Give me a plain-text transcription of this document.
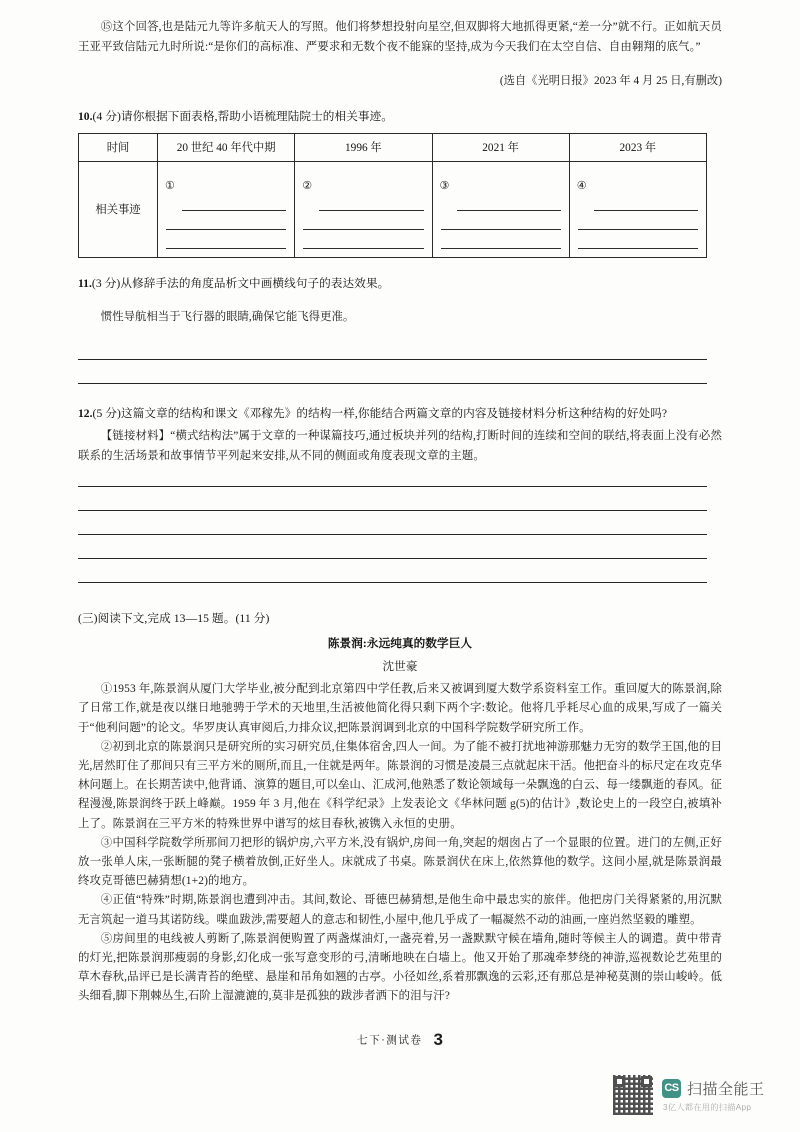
⑮这个回答,也是陆元九等许多航天人的写照。他们将梦想投射向星空,但双脚将大地抓得更紧,“差一分”就不行。正如航天员王亚平致信陆元九时所说:“是你们的高标准、严要求和无数个夜不能寐的坚持,成为今天我们在太空自信、自由翱翔的底气。”

(选自《光明日报》2023 年 4 月 25 日,有删改)

10.(4 分)请你根据下面表格,帮助小语梳理陆院士的相关事迹。

时间	20 世纪 40 年代中期	1996 年	2021 年	2023 年
相关事迹	①	②	③	④

11.(3 分)从修辞手法的角度品析文中画横线句子的表达效果。

惯性导航相当于飞行器的眼睛,确保它能飞得更准。

12.(5 分)这篇文章的结构和课文《邓稼先》的结构一样,你能结合两篇文章的内容及链接材料分析这种结构的好处吗?

【链接材料】“横式结构法”属于文章的一种谋篇技巧,通过板块并列的结构,打断时间的连续和空间的联结,将表面上没有必然联系的生活场景和故事情节平列起来安排,从不同的侧面或角度表现文章的主题。

(三)阅读下文,完成 13—15 题。(11 分)

陈景润:永远纯真的数学巨人

沈世豪

①1953 年,陈景润从厦门大学毕业,被分配到北京第四中学任教,后来又被调到厦大数学系资料室工作。重回厦大的陈景润,除了日常工作,就是夜以继日地驰骋于学术的天地里,生活被他简化得只剩下两个字:数论。他将几乎耗尽心血的成果,写成了一篇关于“他利问题”的论文。华罗庚认真审阅后,力排众议,把陈景润调到北京的中国科学院数学研究所工作。

②初到北京的陈景润只是研究所的实习研究员,住集体宿舍,四人一间。为了能不被打扰地神游那魅力无穷的数学王国,他的目光,居然盯住了那间只有三平方米的厕所,而且,一住就是两年。陈景润的习惯是凌晨三点就起床干活。他把奋斗的标尺定在攻克华林问题上。在长期苦读中,他背诵、演算的题目,可以垒山、汇成河,他熟悉了数论领域每一朵飘逸的白云、每一缕飘逝的春风。征程漫漫,陈景润终于跃上峰巅。1959 年 3 月,他在《科学纪录》上发表论文《华林问题 g(5)的估计》,数论史上的一段空白,被填补上了。陈景润在三平方米的特殊世界中谱写的炫目春秋,被镌入永恒的史册。

③中国科学院数学所那间刀把形的锅炉房,六平方米,没有锅炉,房间一角,突起的烟囱占了一个显眼的位置。进门的左侧,正好放一张单人床,一张断腿的凳子横着放倒,正好坐人。床就成了书桌。陈景润伏在床上,依然算他的数学。这间小屋,就是陈景润最终攻克哥德巴赫猜想(1+2)的地方。

④正值“特殊”时期,陈景润也遭到冲击。其间,数论、哥德巴赫猜想,是他生命中最忠实的旅伴。他把房门关得紧紧的,用沉默无言筑起一道马其诺防线。喋血跋涉,需要超人的意志和韧性,小屋中,他几乎成了一幅凝然不动的油画,一座岿然坚毅的雕塑。

⑤房间里的电线被人剪断了,陈景润便购置了两盏煤油灯,一盏亮着,另一盏默默守候在墙角,随时等候主人的调遣。黄中带青的灯光,把陈景润那瘦弱的身影,幻化成一张写意变形的弓,清晰地映在白墙上。他又开始了那魂牵梦绕的神游,巡视数论艺苑里的草木春秋,品评已是长满青苔的绝壁、悬崖和吊角如翘的古亭。小径如丝,系着那飘逸的云彩,还有那总是神秘莫测的崇山峻岭。低头细看,脚下荆棘丛生,石阶上湿漉漉的,莫非是孤独的跋涉者洒下的泪与汗?

七下·测试卷 3
CS 扫描全能王
3亿人都在用的扫描App
